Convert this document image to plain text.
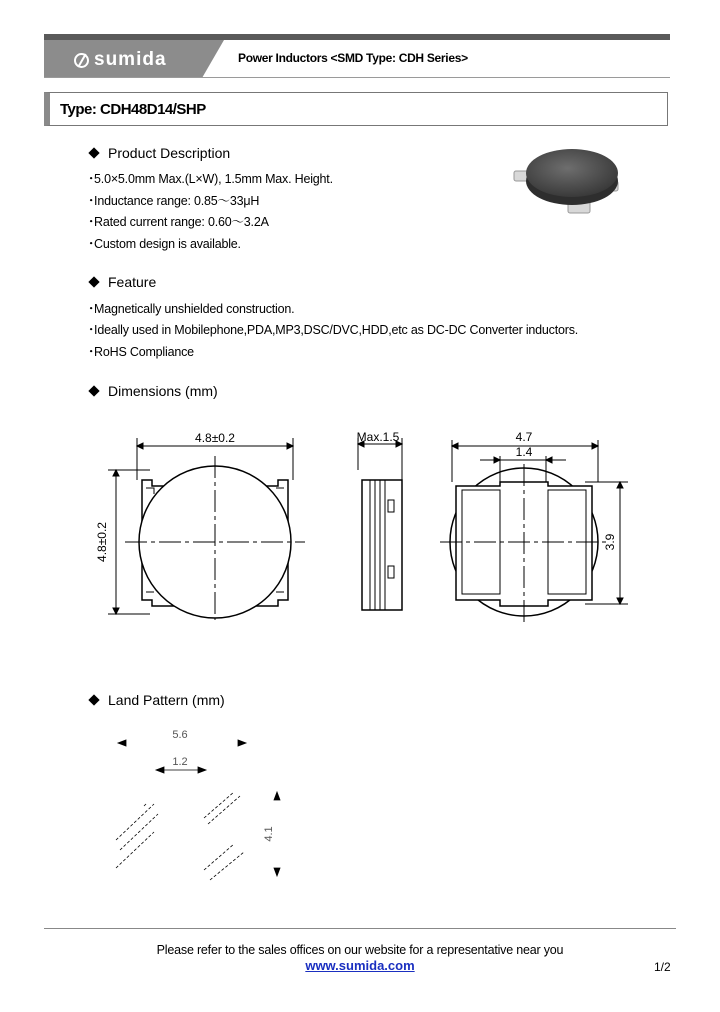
sumida	Power Inductors <SMD Type: CDH Series>
Type: CDH48D14/SHP
Product Description
･5.0×5.0mm Max.(L×W), 1.5mm Max. Height.
･Inductance range: 0.85～33μH
･Rated current range: 0.60～3.2A
･Custom design is available.
Feature
･Magnetically unshielded construction.
･Ideally used in Mobilephone,PDA,MP3,DSC/DVC,HDD,etc as DC-DC Converter inductors.
･RoHS Compliance
Dimensions (mm)
4.8±0.2
4.8±0.2
Max.1.5	4.7
1.4
3.9
Land Pattern (mm)
5.6
1.2
4.1
Please refer to the sales offices on our website for a representative near you
www.sumida.com	1/2
